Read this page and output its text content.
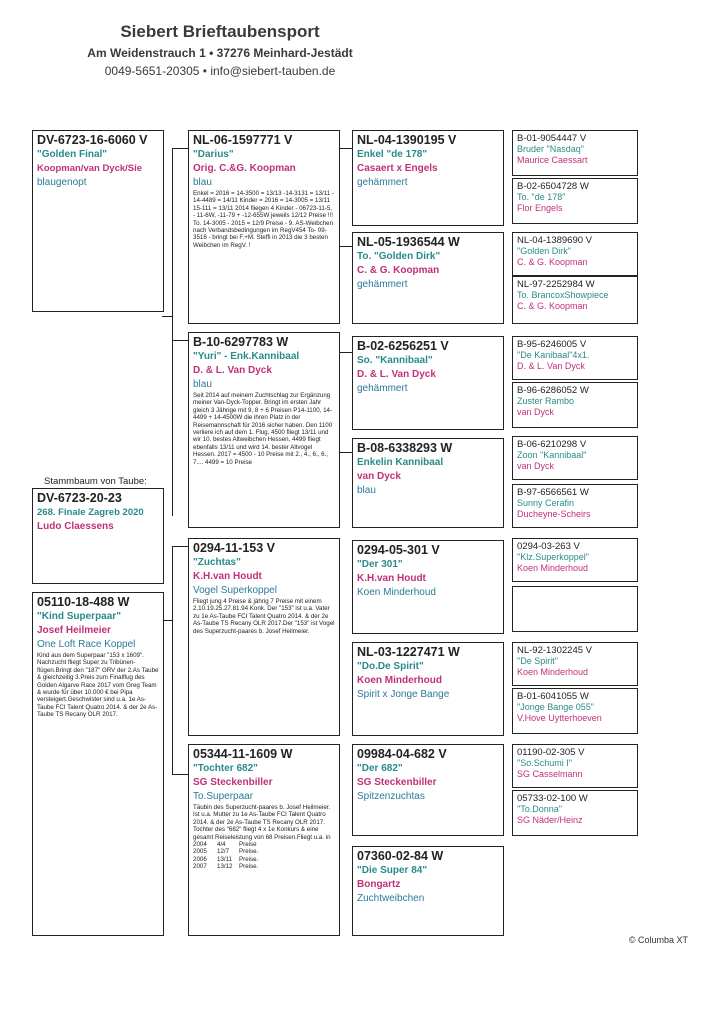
Siebert Brieftaubensport
Am Weidenstrauch 1 • 37276 Meinhard-Jestädt
0049-5651-20305 • info@siebert-tauben.de
DV-6723-16-6060 V
"Golden Final"
Koopman/van Dyck/Sie
blaugenopt
Stammbaum von Taube:
DV-6723-20-23
268. Finale Zagreb 2020
Ludo Claessens
05110-18-488 W
"Kind Superpaar"
Josef Heilmeier
One Loft Race Koppel
Kind aus dem Superpaar "153 x 1609". Nachzucht fliegt Super zu Tribünen-flügen.Bringt den "187" GRV der 2.As Taube & gleichzeitig 3.Preis zum Finalflug des Golden Algarve Race 2017 vom Greg Team & wurde für über 10.000 € bei Pipa versteigert.Geschwister sind u.a. 1e As-Taube FCI Talent Quatro 2014. & der 2e As-Taube TS Recany OLR 2017.
NL-06-1597771 V
"Darius"
Orig. C.&G. Koopman
blau
Enkel = 2016 = 14-3500 = 13/13 -14-3131 = 13/11 - 14-4489 = 14/11 Kinder = 2016 = 14-3005 = 13/11 15-111 = 13/11 2014 fliegen 4 Kinder - 06723-11-5, - 11-6W, -11-79 + -12-655W jeweils 12/12 Preise !!! To. 14-3005 - 2015 = 12/9 Preise - 9. AS-Weibchen nach Verbandsbedingungen im RegV454 To- 09-3516 - bringt bei F.+M. Steffi in 2013 die 3 besten Weibchen im RegV. !
B-10-6297783 W
"Yuri" - Enk.Kannibaal
D. & L. Van Dyck
blau
Seit 2014 auf meinem Zuchtschlag zur Ergänzung meiner Van-Dyck-Topper. Bringt im ersten Jahr gleich 3 Jährige mit 9, 8 + 6 Preisen P14-1100, 14-4499 + 14-4500W die ihren Platz in der Reisemannschaft für 2016 sicher haben. Den 1100 verliere ich auf dem 1. Flug, 4500 fliegt 13/11 und wir 10. bestes Altweibchen Hessen, 4499 fliegt ebenfalls 13/11 und wird 14. bester Altvogel Hessen. 2017 = 4500 - 10 Preise mit 2., 4., 6., 6., 7.... 4499 = 10 Preise
0294-11-153 V
"Zuchtas"
K.H.van Houdt
Vogel Superkoppel
Fliegt jung 4 Preise & jährig 7 Preise mit einem 2.10.19.25.27.81.94 Konk. Der "153" ist u.a. Vater zu 1e As-Taube FCI Talent Quatro 2014. & der 2e As-Taube TS Recany OLR 2017.Der "153" ist Vogel des Superzucht-paares b. Josef Heilmeier.
05344-11-1609 W
"Tochter 682"
SG Steckenbiller
To.Superpaar
Täubin des Superzucht-paares b. Josef Heilmeier. Ist u.a. Mutter zu 1e As-Taube FCI Talent Quatro 2014. & der 2e As-Taube TS Recany OLR 2017. Tochter des "682" fliegt 4 x 1e Konkurs & eine gesamt Reiseleistung von 68 Preisen.Fliegt u.a. in
2004 4/4 Preise
2005 12/7 Preise.
2006 13/11 Preise.
2007 13/12 Preise.
NL-04-1390195 V
Enkel "de 178"
Casaert x Engels
gehämmert
NL-05-1936544 W
To. "Golden Dirk"
C. & G. Koopman
gehämmert
B-02-6256251 V
So. "Kannibaal"
D. & L. Van Dyck
gehämmert
B-08-6338293 W
Enkelin Kannibaal
van Dyck
blau
0294-05-301 V
"Der 301"
K.H.van Houdt
Koen Minderhoud
NL-03-1227471 W
"Do.De Spirit"
Koen Minderhoud
Spirit x Jonge Bange
09984-04-682 V
"Der 682"
SG Steckenbiller
Spitzenzuchtas
07360-02-84 W
"Die Super 84"
Bongartz
Zuchtweibchen
B-01-9054447 V
Bruder "Nasdaq"
Maurice Caessart
B-02-6504728 W
To. "de 178"
Flor Engels
NL-04-1389690 V
"Golden Dirk"
C. & G. Koopman
NL-97-2252984 W
To. BrancoxShowpiece
C. & G. Koopman
B-95-6246005 V
"De Kanibaal"4x1.
D. & L. Van Dyck
B-96-6286052 W
Zuster Rambo
van Dyck
B-06-6210298 V
Zoon "Kannibaal"
van Dyck
B-97-6566561 W
Sunny Cerafin
Ducheyne-Scheirs
0294-03-263 V
"Klz.Superkoppel"
Koen Minderhoud
NL-92-1302245 V
"De Spirit"
Koen Minderhoud
B-01-6041055 W
"Jonge Bange 055"
V.Hove Uytterhoeven
01190-02-305 V
"So.Schumi I"
SG Casselmann
05733-02-100 W
"To.Donna"
SG Näder/Heinz
© Columba XT
